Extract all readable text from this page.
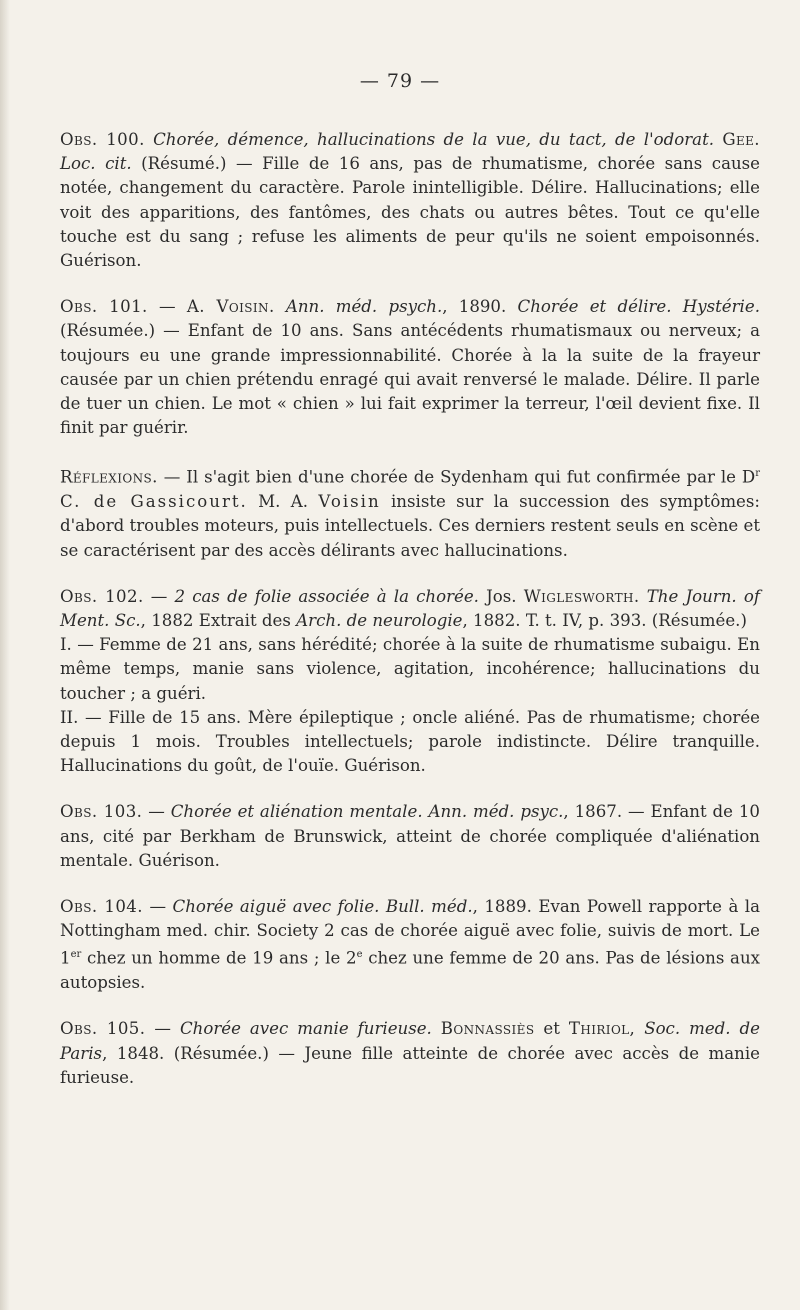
— 79 —

Obs. 100. Chorée, démence, hallucinations de la vue, du tact, de l'odorat. Gee. Loc. cit. (Résumé.) — Fille de 16 ans, pas de rhumatisme, chorée sans cause notée, changement du caractère. Parole inintelligible. Délire. Hallucinations; elle voit des apparitions, des fantômes, des chats ou autres bêtes. Tout ce qu'elle touche est du sang ; refuse les aliments de peur qu'ils ne soient empoisonnés. Guérison.

Obs. 101. — A. Voisin. Ann. méd. psych., 1890. Chorée et délire. Hystérie. (Résumée.) — Enfant de 10 ans. Sans antécédents rhumatismaux ou nerveux; a toujours eu une grande impressionnabilité. Chorée à la la suite de la frayeur causée par un chien prétendu enragé qui avait renversé le malade. Délire. Il parle de tuer un chien. Le mot « chien » lui fait exprimer la terreur, l'œil devient fixe. Il finit par guérir.

Réflexions. — Il s'agit bien d'une chorée de Sydenham qui fut confirmée par le $D^r$ C. de Gassicourt. M. A. Voisin insiste sur la succession des symptômes: d'abord troubles moteurs, puis intellectuels. Ces derniers restent seuls en scène et se caractérisent par des accès délirants avec hallucinations.

Obs. 102. — 2 cas de folie associée à la chorée. Jos. Wiglesworth. The Journ. of Ment. Sc., 1882 Extrait des Arch. de neurologie, 1882. T. t. IV, p. 393. (Résumée.)

I. — Femme de 21 ans, sans hérédité; chorée à la suite de rhumatisme subaigu. En même temps, manie sans violence, agitation, incohérence; hallucinations du toucher ; a guéri.

II. — Fille de 15 ans. Mère épileptique ; oncle aliéné. Pas de rhumatisme; chorée depuis 1 mois. Troubles intellectuels; parole indistincte. Délire tranquille. Hallucinations du goût, de l'ouïe. Guérison.

Obs. 103. — Chorée et aliénation mentale. Ann. méd. psyc., 1867. — Enfant de 10 ans, cité par Berkham de Brunswick, atteint de chorée compliquée d'aliénation mentale. Guérison.

Obs. 104. — Chorée aiguë avec folie. Bull. méd., 1889. Evan Powell rapporte à la Nottingham med. chir. Society 2 cas de chorée aiguë avec folie, suivis de mort. Le 1er chez un homme de 19 ans ; le 2e chez une femme de 20 ans. Pas de lésions aux autopsies.

Obs. 105. — Chorée avec manie furieuse. Bonnassiès et Thiriol, Soc. med. de Paris, 1848. (Résumée.) — Jeune fille atteinte de chorée avec accès de manie furieuse.
